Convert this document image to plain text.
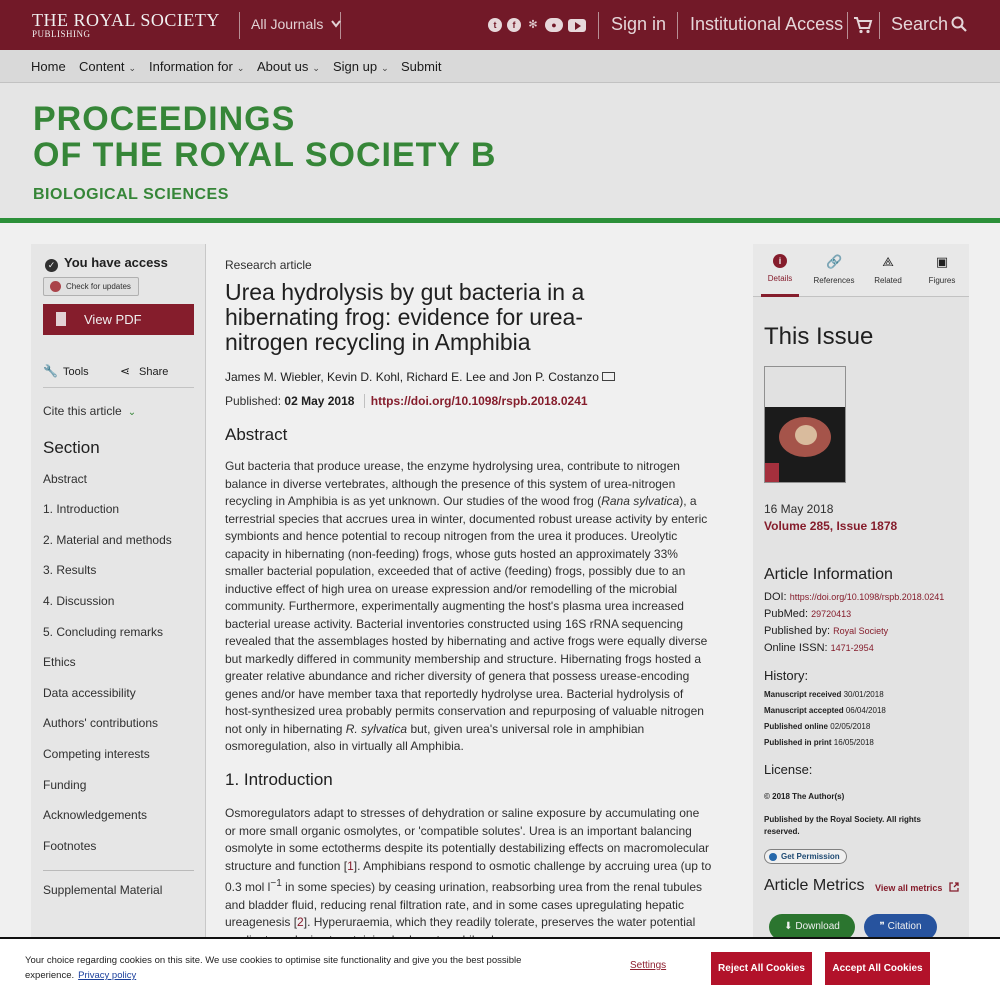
THE ROYAL SOCIETY
PUBLISHING
All Journals	t	f	✻	●	Sign in Institutional Access	Search
Home Content ⌄ Information for ⌄ About us ⌄ Sign up ⌄ Submit
PROCEEDINGS
OF THE ROYAL SOCIETY B
BIOLOGICAL SCIENCES
✓ You have access
Check for updates
View PDF
🔧 Tools	⋖ Share
Cite this article ⌄
Section
Abstract
1. Introduction
2. Material and methods
3. Results
4. Discussion
5. Concluding remarks
Ethics
Data accessibility
Authors' contributions
Competing interests
Funding
Acknowledgements
Footnotes
Supplemental Material
Research article
Urea hydrolysis by gut bacteria in a hibernating frog: evidence for urea-nitrogen recycling in Amphibia
James M. Wiebler, Kevin D. Kohl, Richard E. Lee and Jon P. Costanzo
Published: 02 May 2018 https://doi.org/10.1098/rspb.2018.0241
Abstract
Gut bacteria that produce urease, the enzyme hydrolysing urea, contribute to nitrogen balance in diverse vertebrates, although the presence of this system of urea-nitrogen recycling in Amphibia is as yet unknown. Our studies of the wood frog (Rana sylvatica), a terrestrial species that accrues urea in winter, documented robust urease activity by enteric symbionts and hence potential to recoup nitrogen from the urea it produces. Ureolytic capacity in hibernating (non-feeding) frogs, whose guts hosted an approximately 33% smaller bacterial population, exceeded that of active (feeding) frogs, possibly due to an inductive effect of high urea on urease expression and/or remodelling of the microbial community. Furthermore, experimentally augmenting the host's plasma urea increased bacterial urease activity. Bacterial inventories constructed using 16S rRNA sequencing revealed that the assemblages hosted by hibernating and active frogs were equally diverse but markedly differed in community membership and structure. Hibernating frogs hosted a greater relative abundance and richer diversity of genera that possess urease-encoding genes and/or have member taxa that reportedly hydrolyse urea. Bacterial hydrolysis of host-synthesized urea probably permits conservation and repurposing of valuable nitrogen not only in hibernating R. sylvatica but, given urea's universal role in amphibian osmoregulation, also in virtually all Amphibia.
1. Introduction
Osmoregulators adapt to stresses of dehydration or saline exposure by accumulating one or more small organic osmolytes, or 'compatible solutes'. Urea is an important balancing osmolyte in some ectotherms despite its potentially destabilizing effects on macromolecular structure and function [1]. Amphibians respond to osmotic challenge by accruing urea (up to 0.3 mol $l^{-1}$ in some species) by ceasing urination, reabsorbing urea from the renal tubules and bladder fluid, reducing renal filtration rate, and in some cases upregulating hepatic ureagenesis [2]. Hyperuraemia, which they readily tolerate, preserves the water potential
i
Details
🔗
References
⟁
Related
▣
Figures
This Issue
16 May 2018
Volume 285, Issue 1878
Article Information
DOI: https://doi.org/10.1098/rspb.2018.0241
PubMed: 29720413
Published by: Royal Society
Online ISSN: 1471-2954
History:
Manuscript received 30/01/2018
Manuscript accepted 06/04/2018
Published online 02/05/2018
Published in print 16/05/2018
License:
© 2018 The Author(s)
Published by the Royal Society. All rights reserved.
Get Permission
Article Metrics View all metrics
⬇ Download	❞ Citation
Your choice regarding cookies on this site. We use cookies to optimise site functionality and give you the best possible experience. Privacy policy
Settings	Reject All Cookies	Accept All Cookies
